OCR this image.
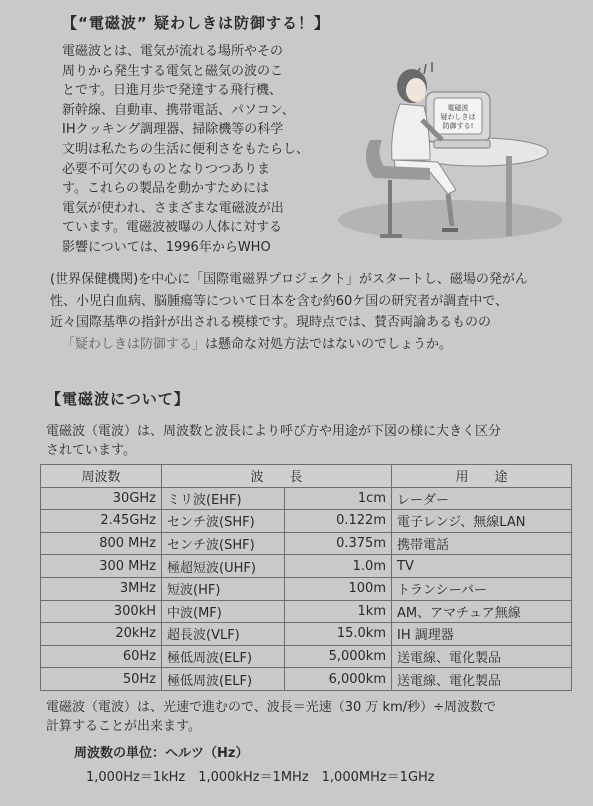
【“電磁波” 疑わしきは防御する！】
電磁波とは、電気が流れる場所やその
周りから発生する電気と磁気の波のこ
とです。日進月歩で発達する飛行機、
新幹線、自動車、携帯電話、パソコン、
IHクッキング調理器、掃除機等の科学
文明は私たちの生活に便利さをもたらし、
必要不可欠のものとなりつつありま
す。これらの製品を動かすためには
電気が使われ、さまざまな電磁波が出
ています。電磁波被曝の人体に対する
影響については、1996年からWHO
電磁波
疑わしきは
防御する!
(世界保健機関)を中心に「国際電磁界プロジェクト」がスタートし、磁場の発がん
性、小児白血病、脳腫瘍等について日本を含む約60ケ国の研究者が調査中で、
近々国際基準の指針が出される模様です。現時点では、賛否両論あるものの
「疑わしきは防御する」は懸命な対処方法ではないのでしょうか。
【電磁波について】
電磁波（電波）は、周波数と波長により呼び方や用途が下図の様に大きく区分
されています。
周波数	波　　長		用　　途
30GHz	ミリ波(EHF)	1cm	レーダー
2.45GHz	センチ波(SHF)	0.122m	電子レンジ、無線LAN
800 MHz	センチ波(SHF)	0.375m	携帯電話
300 MHz	極超短波(UHF)	1.0m	TV
3MHz	短波(HF)	100m	トランシーバー
300kH	中波(MF)	1km	AM、アマチュア無線
20kHz	超長波(VLF)	15.0km	IH 調理器
60Hz	極低周波(ELF)	5,000km	送電線、電化製品
50Hz	極低周波(ELF)	6,000km	送電線、電化製品
電磁波（電波）は、光速で進むので、波長＝光速（30 万 km/秒）÷周波数で
計算することが出来ます。
周波数の単位：ヘルツ（Hz）
1,000Hz＝1kHz　1,000kHz＝1MHz　1,000MHz＝1GHz
